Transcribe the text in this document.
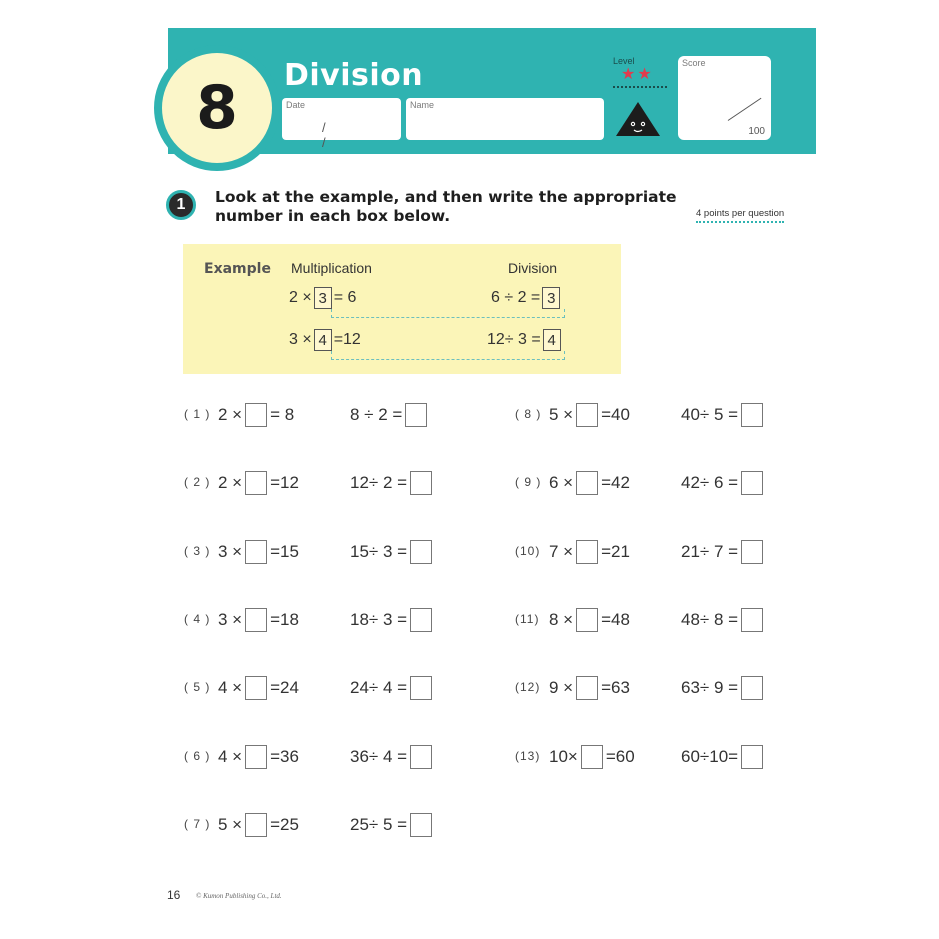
8 Division
Date
/ /
Name
Level
★★
Score
100
1 Look at the example, and then write the appropriate
number in each box below.	4 points per question
Example Multiplication	Division
2 × 3 = 6	6 ÷ 2 = 3
3 × 4 =12	12÷ 3 = 4
( 1 ) 2 × = 8	8 ÷ 2 =
( 2 ) 2 × =12	12÷ 2 =
( 3 ) 3 × =15	15÷ 3 =
( 4 ) 3 × =18	18÷ 3 =
( 5 ) 4 × =24	24÷ 4 =
( 6 ) 4 × =36	36÷ 4 =
( 7 ) 5 × =25	25÷ 5 =
( 8 ) 5 × =40	40÷ 5 =
( 9 ) 6 × =42	42÷ 6 =
(10) 7 × =21	21÷ 7 =
(11) 8 × =48	48÷ 8 =
(12) 9 × =63	63÷ 9 =
(13) 10× =60	60÷10=
16 © Kumon Publishing Co., Ltd.
